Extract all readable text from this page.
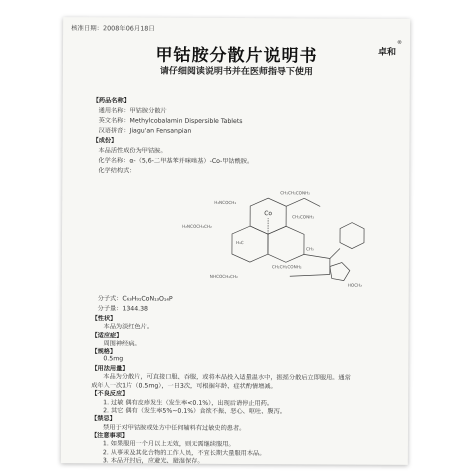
核准日期：2008年06月18日
甲钴胺分散片说明书	卓和
®
请仔细阅读说明书并在医师指导下使用
【药品名称】
通用名称：甲钴胺分散片
英文名称：Methylcobalamin Dispersible Tablets
汉语拼音：Jiagu'an Fensanpian
【成份】
本品活性成份为甲钴胺。
化学名称：α-（5,6-二甲基苯并咪唑基）-Co-甲钴酰胺。
化学结构式：
Co
H₂NCOCH₂
CH₂CH₂CONH₂
H₂NCOCH₂CH₂
CH₂CONH₂
CH₂CH₂CONH₂
H₃C
CH₃
HOCH₂
NHCOCH₂CH₂
分子式：C₆₃H₉₁CoN₁₃O₁₄P
分子量：1344.38
【性状】
本品为淡红色片。
【适应症】
周围神经病。
【规格】
0.5mg
【用法用量】
本品为分散片，可直接口服、吞服，或将本品投入适量温水中，振摇分散后立即服用。通常
成年人一次1片（0.5mg），一日3次，可根据年龄、症状酌情增减。
【不良反应】
1. 过敏 偶有皮疹发生（发生率<0.1%），出现后请停止用药。
2. 其它 偶有（发生率5%~0.1%）食欲不振、恶心、呕吐、腹泻。
【禁忌】
禁用于对甲钴胺或处方中任何辅料有过敏史的患者。
【注意事项】
1. 如果服用一个月以上无效，则无需继续服用。
2. 从事汞及其化合物的工作人员，不宜长期大量服用本品。
3. 本品开封后，应避光、避湿保存。
